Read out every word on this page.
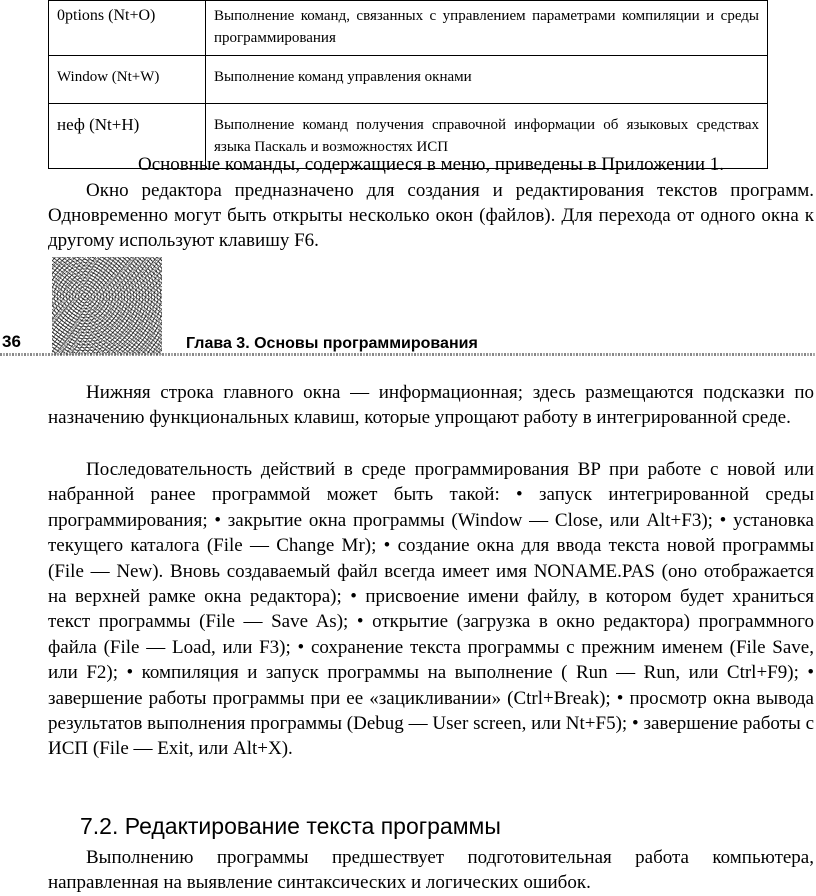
0ptions (Nt+O)	Выполнение команд, связанных с управлением параметрами компиляции и среды программирования
Window (Nt+W)	Выполнение команд управления окнами
неф (Nt+H)	Выполнение команд получения справочной информации об языковых средствах языка Паскаль и возможностях ИСП

Основные команды, содержащиеся в меню, приведены в Приложении 1.

Окно редактора предназначено для создания и редактирования текстов программ. Одновременно могут быть открыты несколько окон (файлов). Для перехода от одного окна к другому используют клавишу F6.

36	Глава 3. Основы программирования

Нижняя строка главного окна — информационная; здесь размещаются подсказки по назначению функциональных клавиш, которые упрощают работу в интегрированной среде.

Последовательность действий в среде программирования BP при работе с новой или набранной ранее программой может быть такой: • запуск интегрированной среды программирования; • закрытие окна программы (Window — Close, или Alt+F3); • установка текущего каталога (File — Change Mr); • создание окна для ввода текста новой программы (File — New). Вновь создаваемый файл всегда имеет имя NONAME.PAS (оно отображается на верхней рамке окна редактора); • присвоение имени файлу, в котором будет храниться текст программы (File — Save As); • открытие (загрузка в окно редактора) программного файла (File — Load, или F3); • сохранение текста программы с прежним именем (File Save, или F2); • компиляция и запуск программы на выполнение ( Run — Run, или Ctrl+F9); • завершение работы программы при ее «зацикливании» (Ctrl+Break); • просмотр окна вывода результатов выполнения программы (Debug — User screen, или Nt+F5); • завершение работы с ИСП (File — Exit, или Alt+X).

7.2. Редактирование текста программы

Выполнению программы предшествует подготовительная работа компьютера, направленная на выявление синтаксических и логических ошибок.
